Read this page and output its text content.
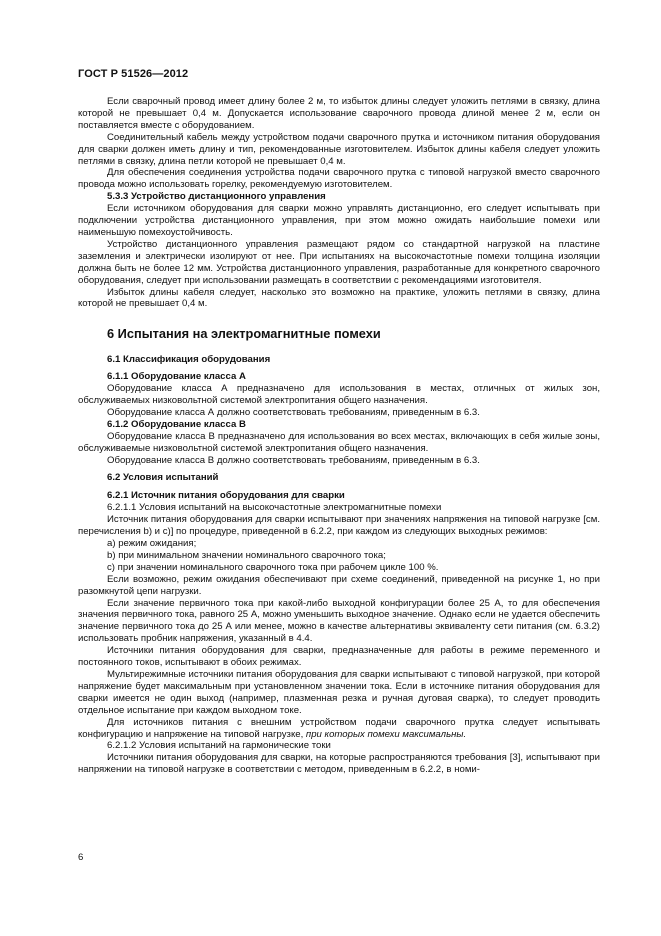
ГОСТ Р 51526—2012

Если сварочный провод имеет длину более 2 м, то избыток длины следует уложить петлями в связку, длина которой не превышает 0,4 м. Допускается использование сварочного провода длиной менее 2 м, если он поставляется вместе с оборудованием.

Соединительный кабель между устройством подачи сварочного прутка и источником питания оборудования для сварки должен иметь длину и тип, рекомендованные изготовителем. Избыток длины кабеля следует уложить петлями в связку, длина петли которой не превышает 0,4 м.

Для обеспечения соединения устройства подачи сварочного прутка с типовой нагрузкой вместо сварочного провода можно использовать горелку, рекомендуемую изготовителем.

5.3.3 Устройство дистанционного управления

Если источником оборудования для сварки можно управлять дистанционно, его следует испытывать при подключении устройства дистанционного управления, при этом можно ожидать наибольшие помехи или наименьшую помехоустойчивость.

Устройство дистанционного управления размещают рядом со стандартной нагрузкой на пластине заземления и электрически изолируют от нее. При испытаниях на высокочастотные помехи толщина изоляции должна быть не более 12 мм. Устройства дистанционного управления, разработанные для конкретного сварочного оборудования, следует при использовании размещать в соответствии с рекомендациями изготовителя.

Избыток длины кабеля следует, насколько это возможно на практике, уложить петлями в связку, длина которой не превышает 0,4 м.

6 Испытания на электромагнитные помехи

6.1 Классификация оборудования

6.1.1 Оборудование класса А

Оборудование класса А предназначено для использования в местах, отличных от жилых зон, обслуживаемых низковольтной системой электропитания общего назначения.

Оборудование класса А должно соответствовать требованиям, приведенным в 6.3.

6.1.2 Оборудование класса В

Оборудование класса В предназначено для использования во всех местах, включающих в себя жилые зоны, обслуживаемые низковольтной системой электропитания общего назначения.

Оборудование класса В должно соответствовать требованиям, приведенным в 6.3.

6.2 Условия испытаний

6.2.1 Источник питания оборудования для сварки

6.2.1.1 Условия испытаний на высокочастотные электромагнитные помехи

Источник питания оборудования для сварки испытывают при значениях напряжения на типовой нагрузке [см. перечисления b) и с)] по процедуре, приведенной в 6.2.2, при каждом из следующих выходных режимов:

a) режим ожидания;

b) при минимальном значении номинального сварочного тока;

c) при значении номинального сварочного тока при рабочем цикле 100 %.

Если возможно, режим ожидания обеспечивают при схеме соединений, приведенной на рисунке 1, но при разомкнутой цепи нагрузки.

Если значение первичного тока при какой-либо выходной конфигурации более 25 А, то для обеспечения значения первичного тока, равного 25 А, можно уменьшить выходное значение. Однако если не удается обеспечить значение первичного тока до 25 А или менее, можно в качестве альтернативы эквиваленту сети питания (см. 6.3.2) использовать пробник напряжения, указанный в 4.4.

Источники питания оборудования для сварки, предназначенные для работы в режиме переменного и постоянного токов, испытывают в обоих режимах.

Мультирежимные источники питания оборудования для сварки испытывают с типовой нагрузкой, при которой напряжение будет максимальным при установленном значении тока. Если в источнике питания оборудования для сварки имеется не один выход (например, плазменная резка и ручная дуговая сварка), то следует проводить отдельное испытание при каждом выходном токе.

Для источников питания с внешним устройством подачи сварочного прутка следует испытывать конфигурацию и напряжение на типовой нагрузке, при которых помехи максимальны.

6.2.1.2 Условия испытаний на гармонические токи

Источники питания оборудования для сварки, на которые распространяются требования [3], испытывают при напряжении на типовой нагрузке в соответствии с методом, приведенным в 6.2.2, в номи-

6
